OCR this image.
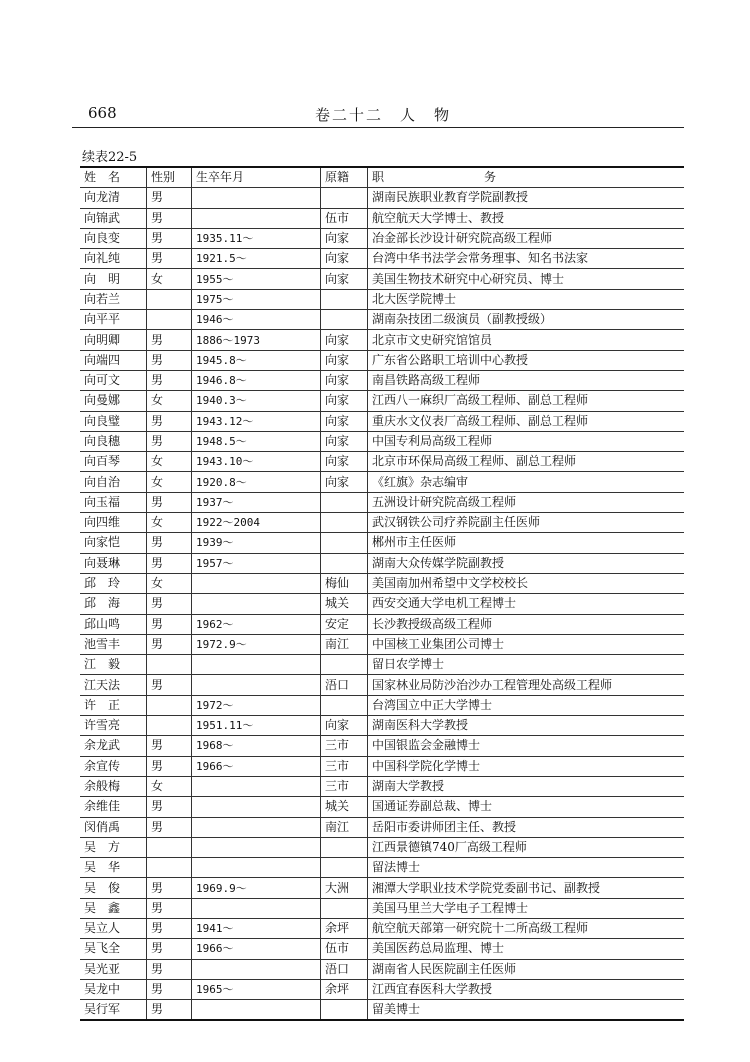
668	卷二十二　人　物
续表22-5
姓　名	性别	生卒年月	原籍	职　　　　　　　务
向龙清	男			湖南民族职业教育学院副教授
向锦武	男		伍市	航空航天大学博士、教授
向良变	男	1935.11～	向家	冶金部长沙设计研究院高级工程师
向礼纯	男	1921.5～	向家	台湾中华书法学会常务理事、知名书法家
向　明	女	1955～	向家	美国生物技术研究中心研究员、博士
向若兰		1975～		北大医学院博士
向平平		1946～		湖南杂技团二级演员（副教授级）
向明卿	男	1886～1973	向家	北京市文史研究馆馆员
向端四	男	1945.8～	向家	广东省公路职工培训中心教授
向可文	男	1946.8～	向家	南昌铁路高级工程师
向曼娜	女	1940.3～	向家	江西八一麻织厂高级工程师、副总工程师
向良璧	男	1943.12～	向家	重庆水文仪表厂高级工程师、副总工程师
向良穗	男	1948.5～	向家	中国专利局高级工程师
向百琴	女	1943.10～	向家	北京市环保局高级工程师、副总工程师
向自治	女	1920.8～	向家	《红旗》杂志编审
向玉福	男	1937～		五洲设计研究院高级工程师
向四维	女	1922～2004		武汉钢铁公司疗养院副主任医师
向家恺	男	1939～		郴州市主任医师
向聂琳	男	1957～		湖南大众传媒学院副教授
邱　玲	女		梅仙	美国南加州希望中文学校校长
邱　海	男		城关	西安交通大学电机工程博士
邱山鸣	男	1962～	安定	长沙教授级高级工程师
池雪丰	男	1972.9～	南江	中国核工业集团公司博士
江　毅				留日农学博士
江天法	男		浯口	国家林业局防沙治沙办工程管理处高级工程师
许　正		1972～		台湾国立中正大学博士
许雪亮		1951.11～	向家	湖南医科大学教授
余龙武	男	1968～	三市	中国银监会金融博士
余宣传	男	1966～	三市	中国科学院化学博士
余般梅	女		三市	湖南大学教授
余维佳	男		城关	国通证券副总裁、博士
闵俏禹	男		南江	岳阳市委讲师团主任、教授
吴　方				江西景德镇740厂高级工程师
吴　华				留法博士
吴　俊	男	1969.9～	大洲	湘潭大学职业技术学院党委副书记、副教授
吴　鑫	男			美国马里兰大学电子工程博士
吴立人	男	1941～	余坪	航空航天部第一研究院十二所高级工程师
吴飞全	男	1966～	伍市	美国医药总局监理、博士
吴光亚	男		浯口	湖南省人民医院副主任医师
吴龙中	男	1965～	余坪	江西宜春医科大学教授
吴行军	男			留美博士
